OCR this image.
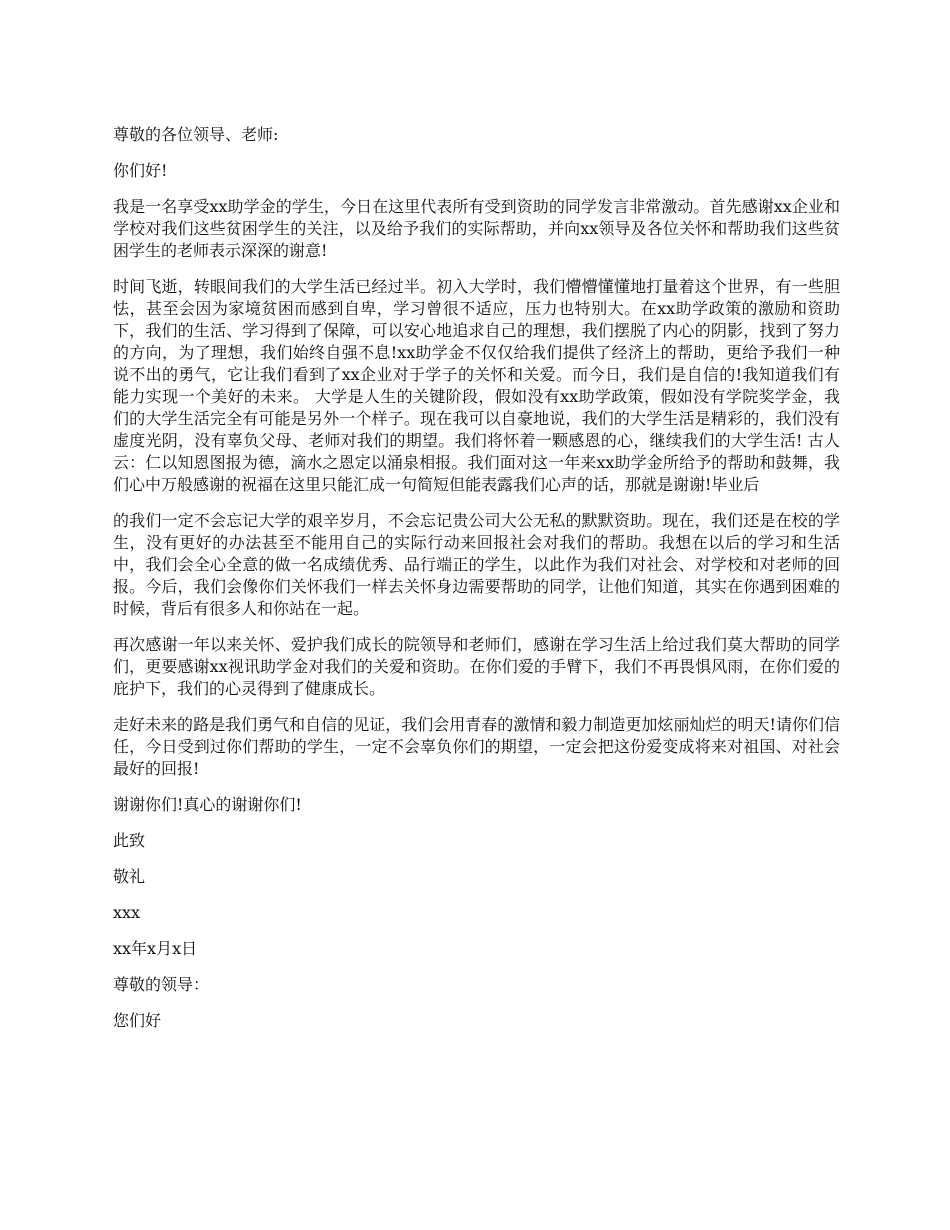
尊敬的各位领导、老师:

你们好!

我是一名享受xx助学金的学生，今日在这里代表所有受到资助的同学发言非常激动。首先感谢xx企业和学校对我们这些贫困学生的关注，以及给予我们的实际帮助，并向xx领导及各位关怀和帮助我们这些贫困学生的老师表示深深的谢意!

时间飞逝，转眼间我们的大学生活已经过半。初入大学时，我们懵懵懂懂地打量着这个世界，有一些胆怯，甚至会因为家境贫困而感到自卑，学习曾很不适应，压力也特别大。在xx助学政策的激励和资助下，我们的生活、学习得到了保障，可以安心地追求自己的理想，我们摆脱了内心的阴影，找到了努力的方向，为了理想，我们始终自强不息!xx助学金不仅仅给我们提供了经济上的帮助，更给予我们一种说不出的勇气，它让我们看到了xx企业对于学子的关怀和关爱。而今日，我们是自信的!我知道我们有能力实现一个美好的未来。 大学是人生的关键阶段，假如没有xx助学政策，假如没有学院奖学金，我们的大学生活完全有可能是另外一个样子。现在我可以自豪地说，我们的大学生活是精彩的，我们没有虚度光阴，没有辜负父母、老师对我们的期望。我们将怀着一颗感恩的心，继续我们的大学生活! 古人云：仁以知恩图报为德，滴水之恩定以涌泉相报。我们面对这一年来xx助学金所给予的帮助和鼓舞，我们心中万般感谢的祝福在这里只能汇成一句简短但能表露我们心声的话，那就是谢谢!毕业后

的我们一定不会忘记大学的艰辛岁月，不会忘记贵公司大公无私的默默资助。现在，我们还是在校的学生，没有更好的办法甚至不能用自己的实际行动来回报社会对我们的帮助。我想在以后的学习和生活中，我们会全心全意的做一名成绩优秀、品行端正的学生，以此作为我们对社会、对学校和对老师的回报。今后，我们会像你们关怀我们一样去关怀身边需要帮助的同学，让他们知道，其实在你遇到困难的时候，背后有很多人和你站在一起。

再次感谢一年以来关怀、爱护我们成长的院领导和老师们，感谢在学习生活上给过我们莫大帮助的同学们，更要感谢xx视讯助学金对我们的关爱和资助。在你们爱的手臂下，我们不再畏惧风雨，在你们爱的庇护下，我们的心灵得到了健康成长。

走好未来的路是我们勇气和自信的见证，我们会用青春的激情和毅力制造更加炫丽灿烂的明天!请你们信任，今日受到过你们帮助的学生，一定不会辜负你们的期望，一定会把这份爱变成将来对祖国、对社会最好的回报!

谢谢你们!真心的谢谢你们!

此致

敬礼

xxx

xx年x月x日

尊敬的领导：

您们好
